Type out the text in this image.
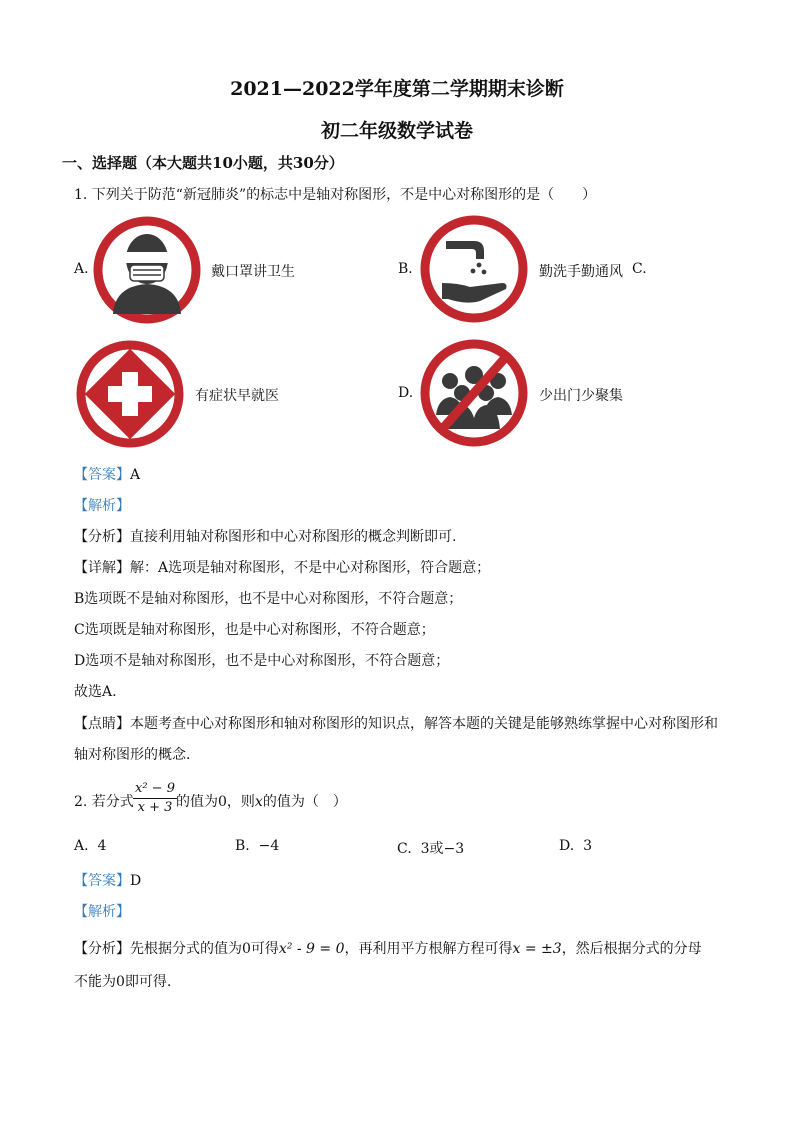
2021—2022学年度第二学期期末诊断
初二年级数学试卷
一、选择题（本大题共10小题，共30分）
1. 下列关于防范“新冠肺炎”的标志中是轴对称图形，不是中心对称图形的是（　　）
A.	戴口罩讲卫生	B.	勤洗手勤通风 C.
有症状早就医	D.	少出门少聚集
【答案】A
【解析】
【分析】直接利用轴对称图形和中心对称图形的概念判断即可.
【详解】解：A选项是轴对称图形，不是中心对称图形，符合题意；
B选项既不是轴对称图形，也不是中心对称图形，不符合题意；
C选项既是轴对称图形，也是中心对称图形，不符合题意；
D选项不是轴对称图形，也不是中心对称图形，不符合题意；
故选A.
【点睛】本题考查中心对称图形和轴对称图形的知识点，解答本题的关键是能够熟练掌握中心对称图形和
轴对称图形的概念.
2. 若分式 $\frac{\text{x² − 9}}{x + 3}$ 的值为0，则x的值为（　）
A. 4	B. −4	C. 3或−3	D. 3
【答案】D
【解析】
【分析】先根据分式的值为0可得x² - 9 = 0，再利用平方根解方程可得x = ±3，然后根据分式的分母
不能为0即可得.
